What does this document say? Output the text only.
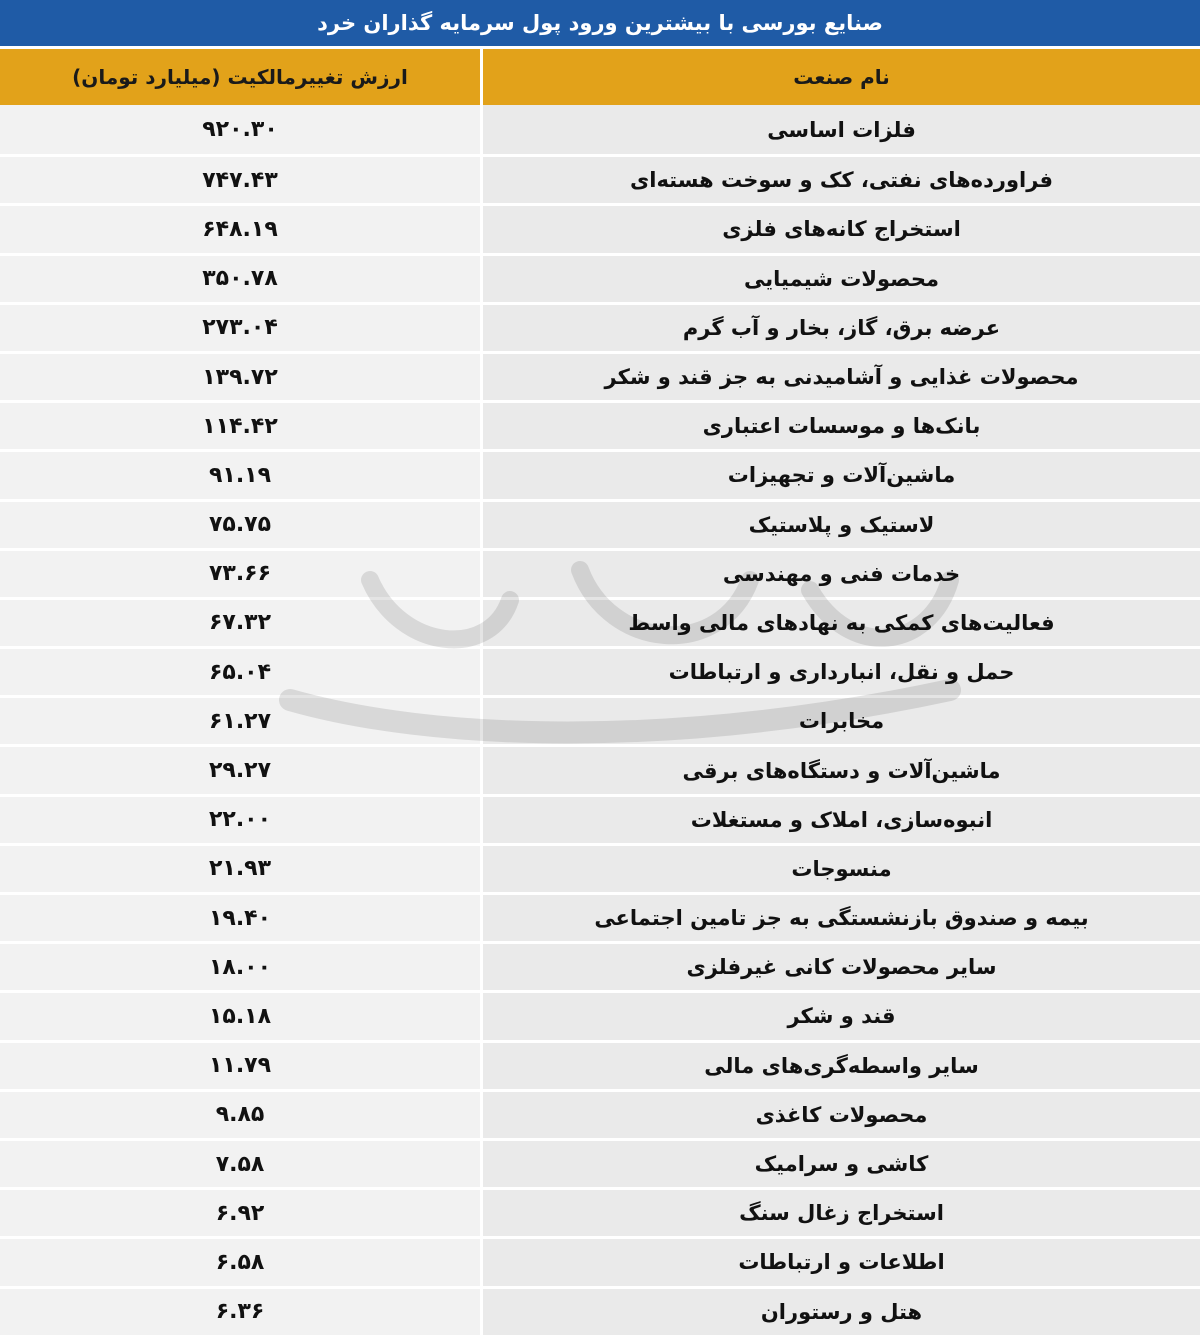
صنایع بورسی با بیشترین ورود پول سرمایه گذاران خرد
ارزش تغییرمالکیت (میلیارد تومان)	نام صنعت
۹۲۰.۳۰	فلزات اساسی
۷۴۷.۴۳	فراورده‌های نفتی، کک و سوخت هسته‌ای
۶۴۸.۱۹	استخراج کانه‌های فلزی
۳۵۰.۷۸	محصولات شیمیایی
۲۷۳.۰۴	عرضه برق، گاز، بخار و آب گرم
۱۳۹.۷۲	محصولات غذایی و آشامیدنی به جز قند و شکر
۱۱۴.۴۲	بانک‌ها و موسسات اعتباری
۹۱.۱۹	ماشین‌آلات و تجهیزات
۷۵.۷۵	لاستیک و پلاستیک
۷۳.۶۶	خدمات فنی و مهندسی
۶۷.۳۲	فعالیت‌های کمکی به نهادهای مالی واسط
۶۵.۰۴	حمل و نقل، انبارداری و ارتباطات
۶۱.۲۷	مخابرات
۲۹.۲۷	ماشین‌آلات و دستگاه‌های برقی
۲۲.۰۰	انبوه‌سازی، املاک و مستغلات
۲۱.۹۳	منسوجات
۱۹.۴۰	بیمه و صندوق بازنشستگی به جز تامین اجتماعی
۱۸.۰۰	سایر محصولات کانی غیرفلزی
۱۵.۱۸	قند و شکر
۱۱.۷۹	سایر واسطه‌گری‌های مالی
۹.۸۵	محصولات کاغذی
۷.۵۸	کاشی و سرامیک
۶.۹۲	استخراج زغال سنگ
۶.۵۸	اطلاعات و ارتباطات
۶.۳۶	هتل و رستوران
